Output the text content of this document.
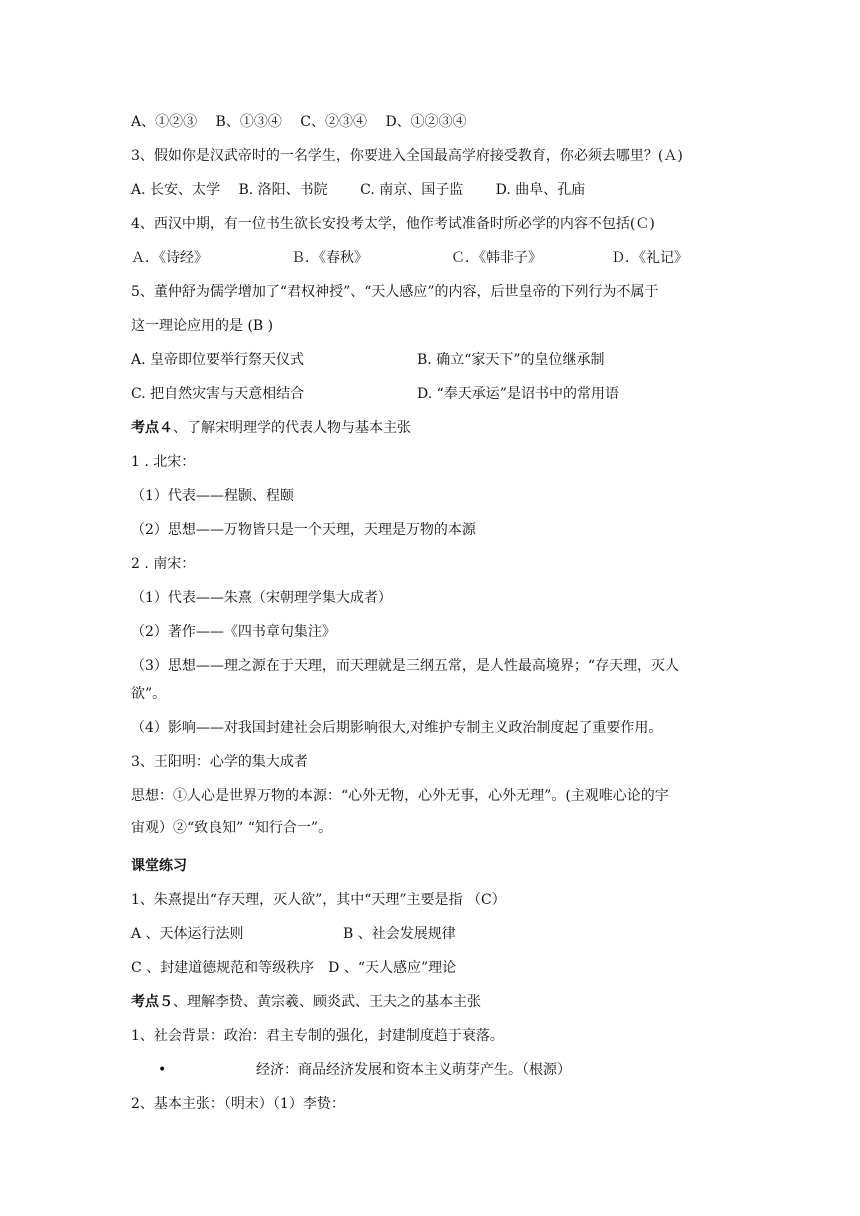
A、①②③　 B、①③④　 C、②③④　 D、①②③④
3、假如你是汉武帝时的一名学生，你要进入全国最高学府接受教育，你必须去哪里？(Ａ)
A. 长安、太学　 B. 洛阳、书院　　 C. 南京、国子监　　 D. 曲阜、孔庙
4、西汉中期，有一位书生欲长安投考太学，他作考试准备时所必学的内容不包括(Ｃ)
Ａ．《诗经》	Ｂ．《春秋》	Ｃ．《韩非子》	Ｄ．《礼记》
5、董仲舒为儒学增加了“君权神授”、“天人感应”的内容，后世皇帝的下列行为不属于
这一理论应用的是 (B )
A. 皇帝即位要举行祭天仪式	B. 确立“家天下”的皇位继承制
C. 把自然灾害与天意相结合	D. “奉天承运”是诏书中的常用语
考点４、了解宋明理学的代表人物与基本主张
1 . 北宋：
（1）代表——程颢、程颐
（2）思想——万物皆只是一个天理，天理是万物的本源
2 . 南宋：
（1）代表——朱熹（宋朝理学集大成者）
（2）著作——《四书章句集注》
（3）思想——理之源在于天理，而天理就是三纲五常，是人性最高境界；“存天理，灭人
欲”。
（4）影响——对我国封建社会后期影响很大,对维护专制主义政治制度起了重要作用。
3、王阳明：心学的集大成者
思想：①人心是世界万物的本源：“心外无物，心外无事，心外无理”。(主观唯心论的宇
宙观）②“致良知” “知行合一”。
课堂练习
1、朱熹提出“存天理，灭人欲”，其中“天理”主要是指 （C）
A 、天体运行法则	B 、社会发展规律
C 、封建道德规范和等级秩序　D 、“天人感应”理论
考点５、理解李贽、黄宗羲、顾炎武、王夫之的基本主张
1、社会背景：政治：君主专制的强化，封建制度趋于衰落。
•	经济：商品经济发展和资本主义萌芽产生。（根源）
2、基本主张：（明末）（1）李贽：
